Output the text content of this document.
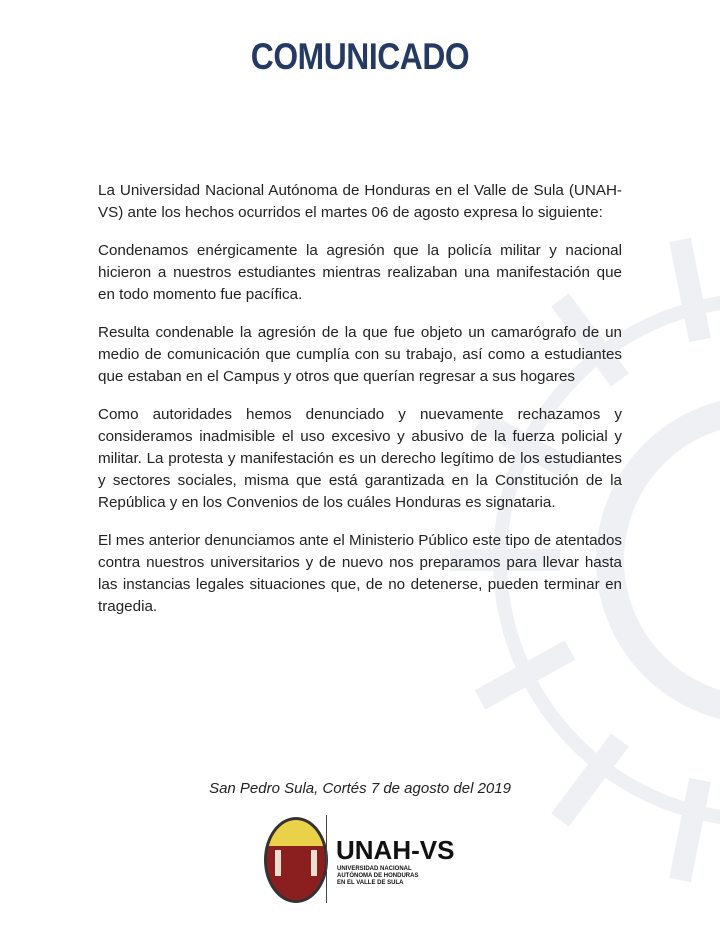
COMUNICADO

La Universidad Nacional Autónoma de Honduras en el Valle de Sula (UNAH-VS) ante los hechos ocurridos el martes 06 de agosto expresa lo siguiente:

Condenamos enérgicamente la agresión que la policía militar y nacional hicieron a nuestros estudiantes mientras realizaban una manifestación que en todo momento fue pacífica.

Resulta condenable la agresión de la que fue objeto un camarógrafo de un medio de comunicación que cumplía con su trabajo, así como a estudiantes que estaban en el Campus y otros que querían regresar a sus hogares

Como autoridades hemos denunciado y nuevamente rechazamos y consideramos inadmisible el uso excesivo y abusivo de la fuerza policial y militar. La protesta y manifestación es un derecho legítimo de los estudiantes y sectores sociales, misma que está garantizada en la Constitución de la República y en los Convenios de los cuáles Honduras es signataria.

El mes anterior denunciamos ante el Ministerio Público este tipo de atentados contra nuestros universitarios y de nuevo nos preparamos para llevar hasta las instancias legales situaciones que, de no detenerse, pueden terminar en tragedia.

San Pedro Sula, Cortés 7 de agosto del 2019
UNAH-VS
UNIVERSIDAD NACIONAL
AUTÓNOMA DE HONDURAS
EN EL VALLE DE SULA
